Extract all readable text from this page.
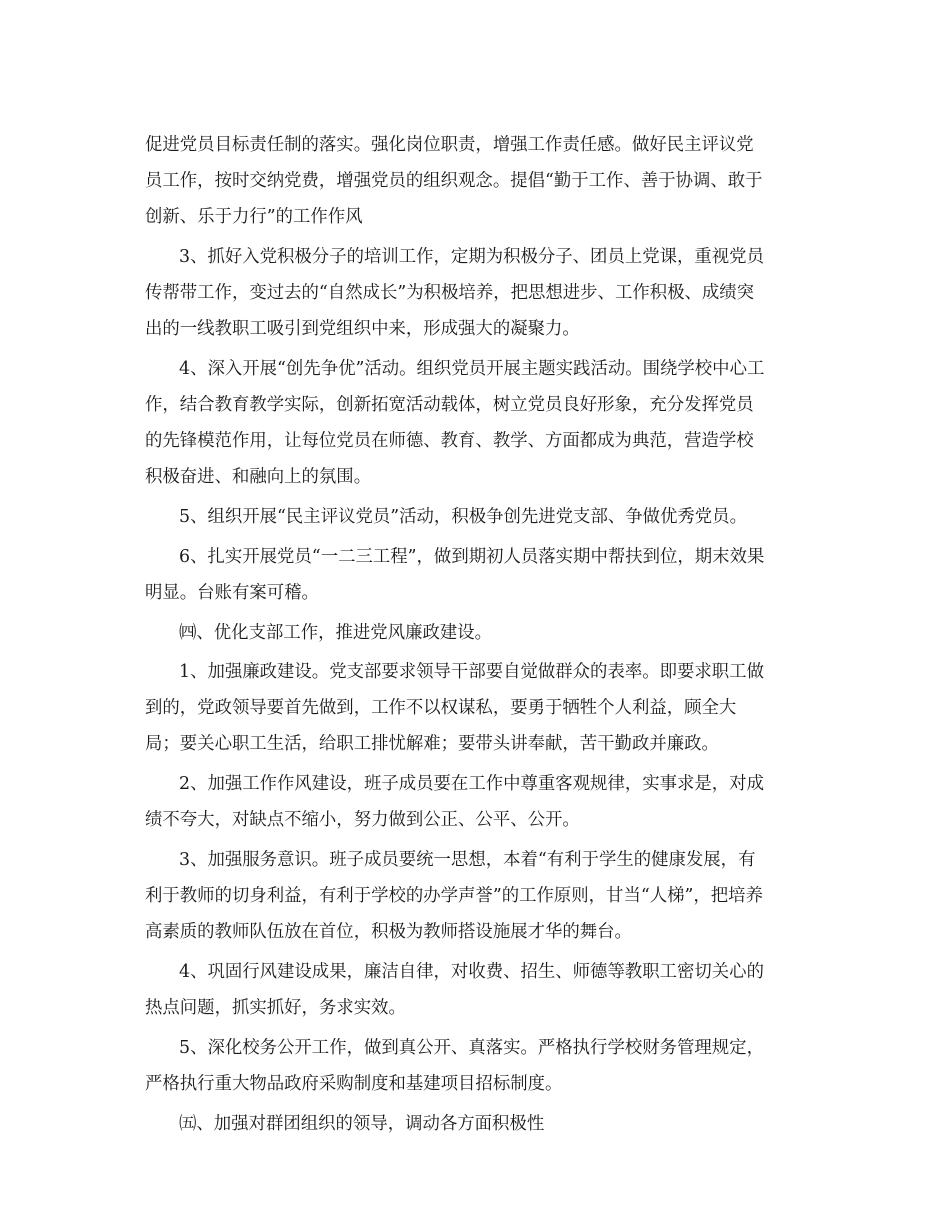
促进党员目标责任制的落实。强化岗位职责，增强工作责任感。做好民主评议党
员工作，按时交纳党费，增强党员的组织观念。提倡“勤于工作、善于协调、敢于
创新、乐于力行”的工作作风
3、抓好入党积极分子的培训工作，定期为积极分子、团员上党课，重视党员
传帮带工作，变过去的“自然成长”为积极培养，把思想进步、工作积极、成绩突
出的一线教职工吸引到党组织中来，形成强大的凝聚力。
4、深入开展“创先争优”活动。组织党员开展主题实践活动。围绕学校中心工
作，结合教育教学实际，创新拓宽活动载体，树立党员良好形象，充分发挥党员
的先锋模范作用，让每位党员在师德、教育、教学、方面都成为典范，营造学校
积极奋进、和融向上的氛围。
5、组织开展“民主评议党员”活动，积极争创先进党支部、争做优秀党员。
6、扎实开展党员“一二三工程”，做到期初人员落实期中帮扶到位，期末效果
明显。台账有案可稽。
㈣、优化支部工作，推进党风廉政建设。
1、加强廉政建设。党支部要求领导干部要自觉做群众的表率。即要求职工做
到的，党政领导要首先做到，工作不以权谋私，要勇于牺牲个人利益，顾全大
局；要关心职工生活，给职工排忧解难；要带头讲奉献，苦干勤政并廉政。
2、加强工作作风建设，班子成员要在工作中尊重客观规律，实事求是，对成
绩不夸大，对缺点不缩小，努力做到公正、公平、公开。
3、加强服务意识。班子成员要统一思想，本着“有利于学生的健康发展，有
利于教师的切身利益，有利于学校的办学声誉”的工作原则，甘当“人梯”，把培养
高素质的教师队伍放在首位，积极为教师搭设施展才华的舞台。
4、巩固行风建设成果，廉洁自律，对收费、招生、师德等教职工密切关心的
热点问题，抓实抓好，务求实效。
5、深化校务公开工作，做到真公开、真落实。严格执行学校财务管理规定，
严格执行重大物品政府采购制度和基建项目招标制度。
㈤、加强对群团组织的领导，调动各方面积极性
